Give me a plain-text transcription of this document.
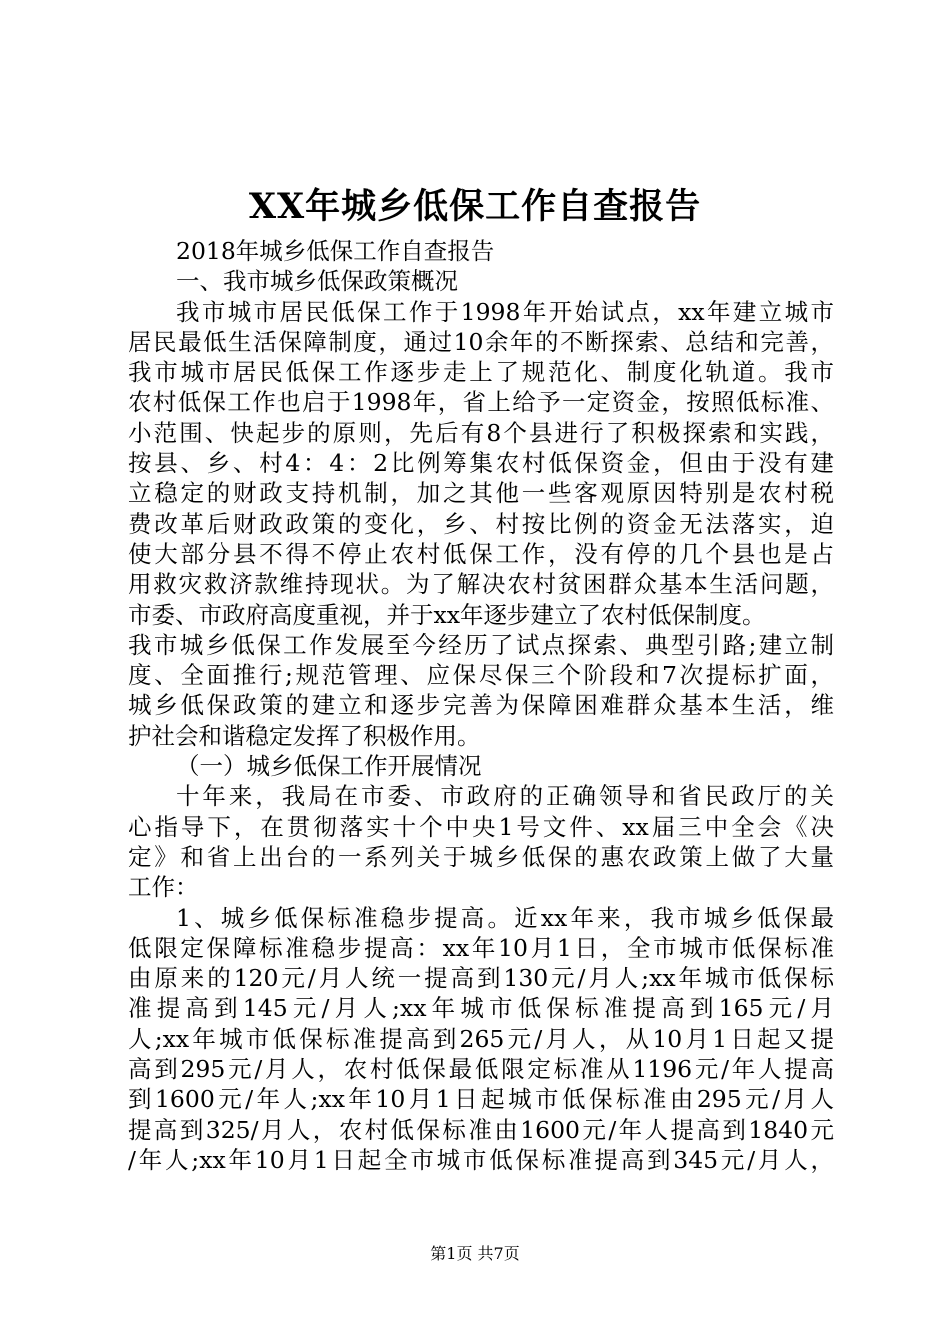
XX年城乡低保工作自查报告
2018年城乡低保工作自查报告
一、我市城乡低保政策概况
我市城市居民低保工作于1998年开始试点，xx年建立城市
居民最低生活保障制度，通过10余年的不断探索、总结和完善，
我市城市居民低保工作逐步走上了规范化、制度化轨道。我市
农村低保工作也启于1998年，省上给予一定资金，按照低标准、
小范围、快起步的原则，先后有8个县进行了积极探索和实践，
按县、乡、村4：4：2比例筹集农村低保资金，但由于没有建
立稳定的财政支持机制，加之其他一些客观原因特别是农村税
费改革后财政政策的变化，乡、村按比例的资金无法落实，迫
使大部分县不得不停止农村低保工作，没有停的几个县也是占
用救灾救济款维持现状。为了解决农村贫困群众基本生活问题，
市委、市政府高度重视，并于xx年逐步建立了农村低保制度。
我市城乡低保工作发展至今经历了试点探索、典型引路;建立制
度、全面推行;规范管理、应保尽保三个阶段和7次提标扩面，
城乡低保政策的建立和逐步完善为保障困难群众基本生活，维
护社会和谐稳定发挥了积极作用。
（一）城乡低保工作开展情况
十年来，我局在市委、市政府的正确领导和省民政厅的关
心指导下，在贯彻落实十个中央1号文件、xx届三中全会《决
定》和省上出台的一系列关于城乡低保的惠农政策上做了大量
工作：
1、城乡低保标准稳步提高。近xx年来，我市城乡低保最
低限定保障标准稳步提高：xx年10月1日，全市城市低保标准
由原来的120元/月人统一提高到130元/月人;xx年城市低保标
准提高到145元/月人;xx年城市低保标准提高到165元/月
人;xx年城市低保标准提高到265元/月人，从10月1日起又提
高到295元/月人，农村低保最低限定标准从1196元/年人提高
到1600元/年人;xx年10月1日起城市低保标准由295元/月人
提高到325/月人，农村低保标准由1600元/年人提高到1840元
/年人;xx年10月1日起全市城市低保标准提高到345元/月人，
第1页 共7页
